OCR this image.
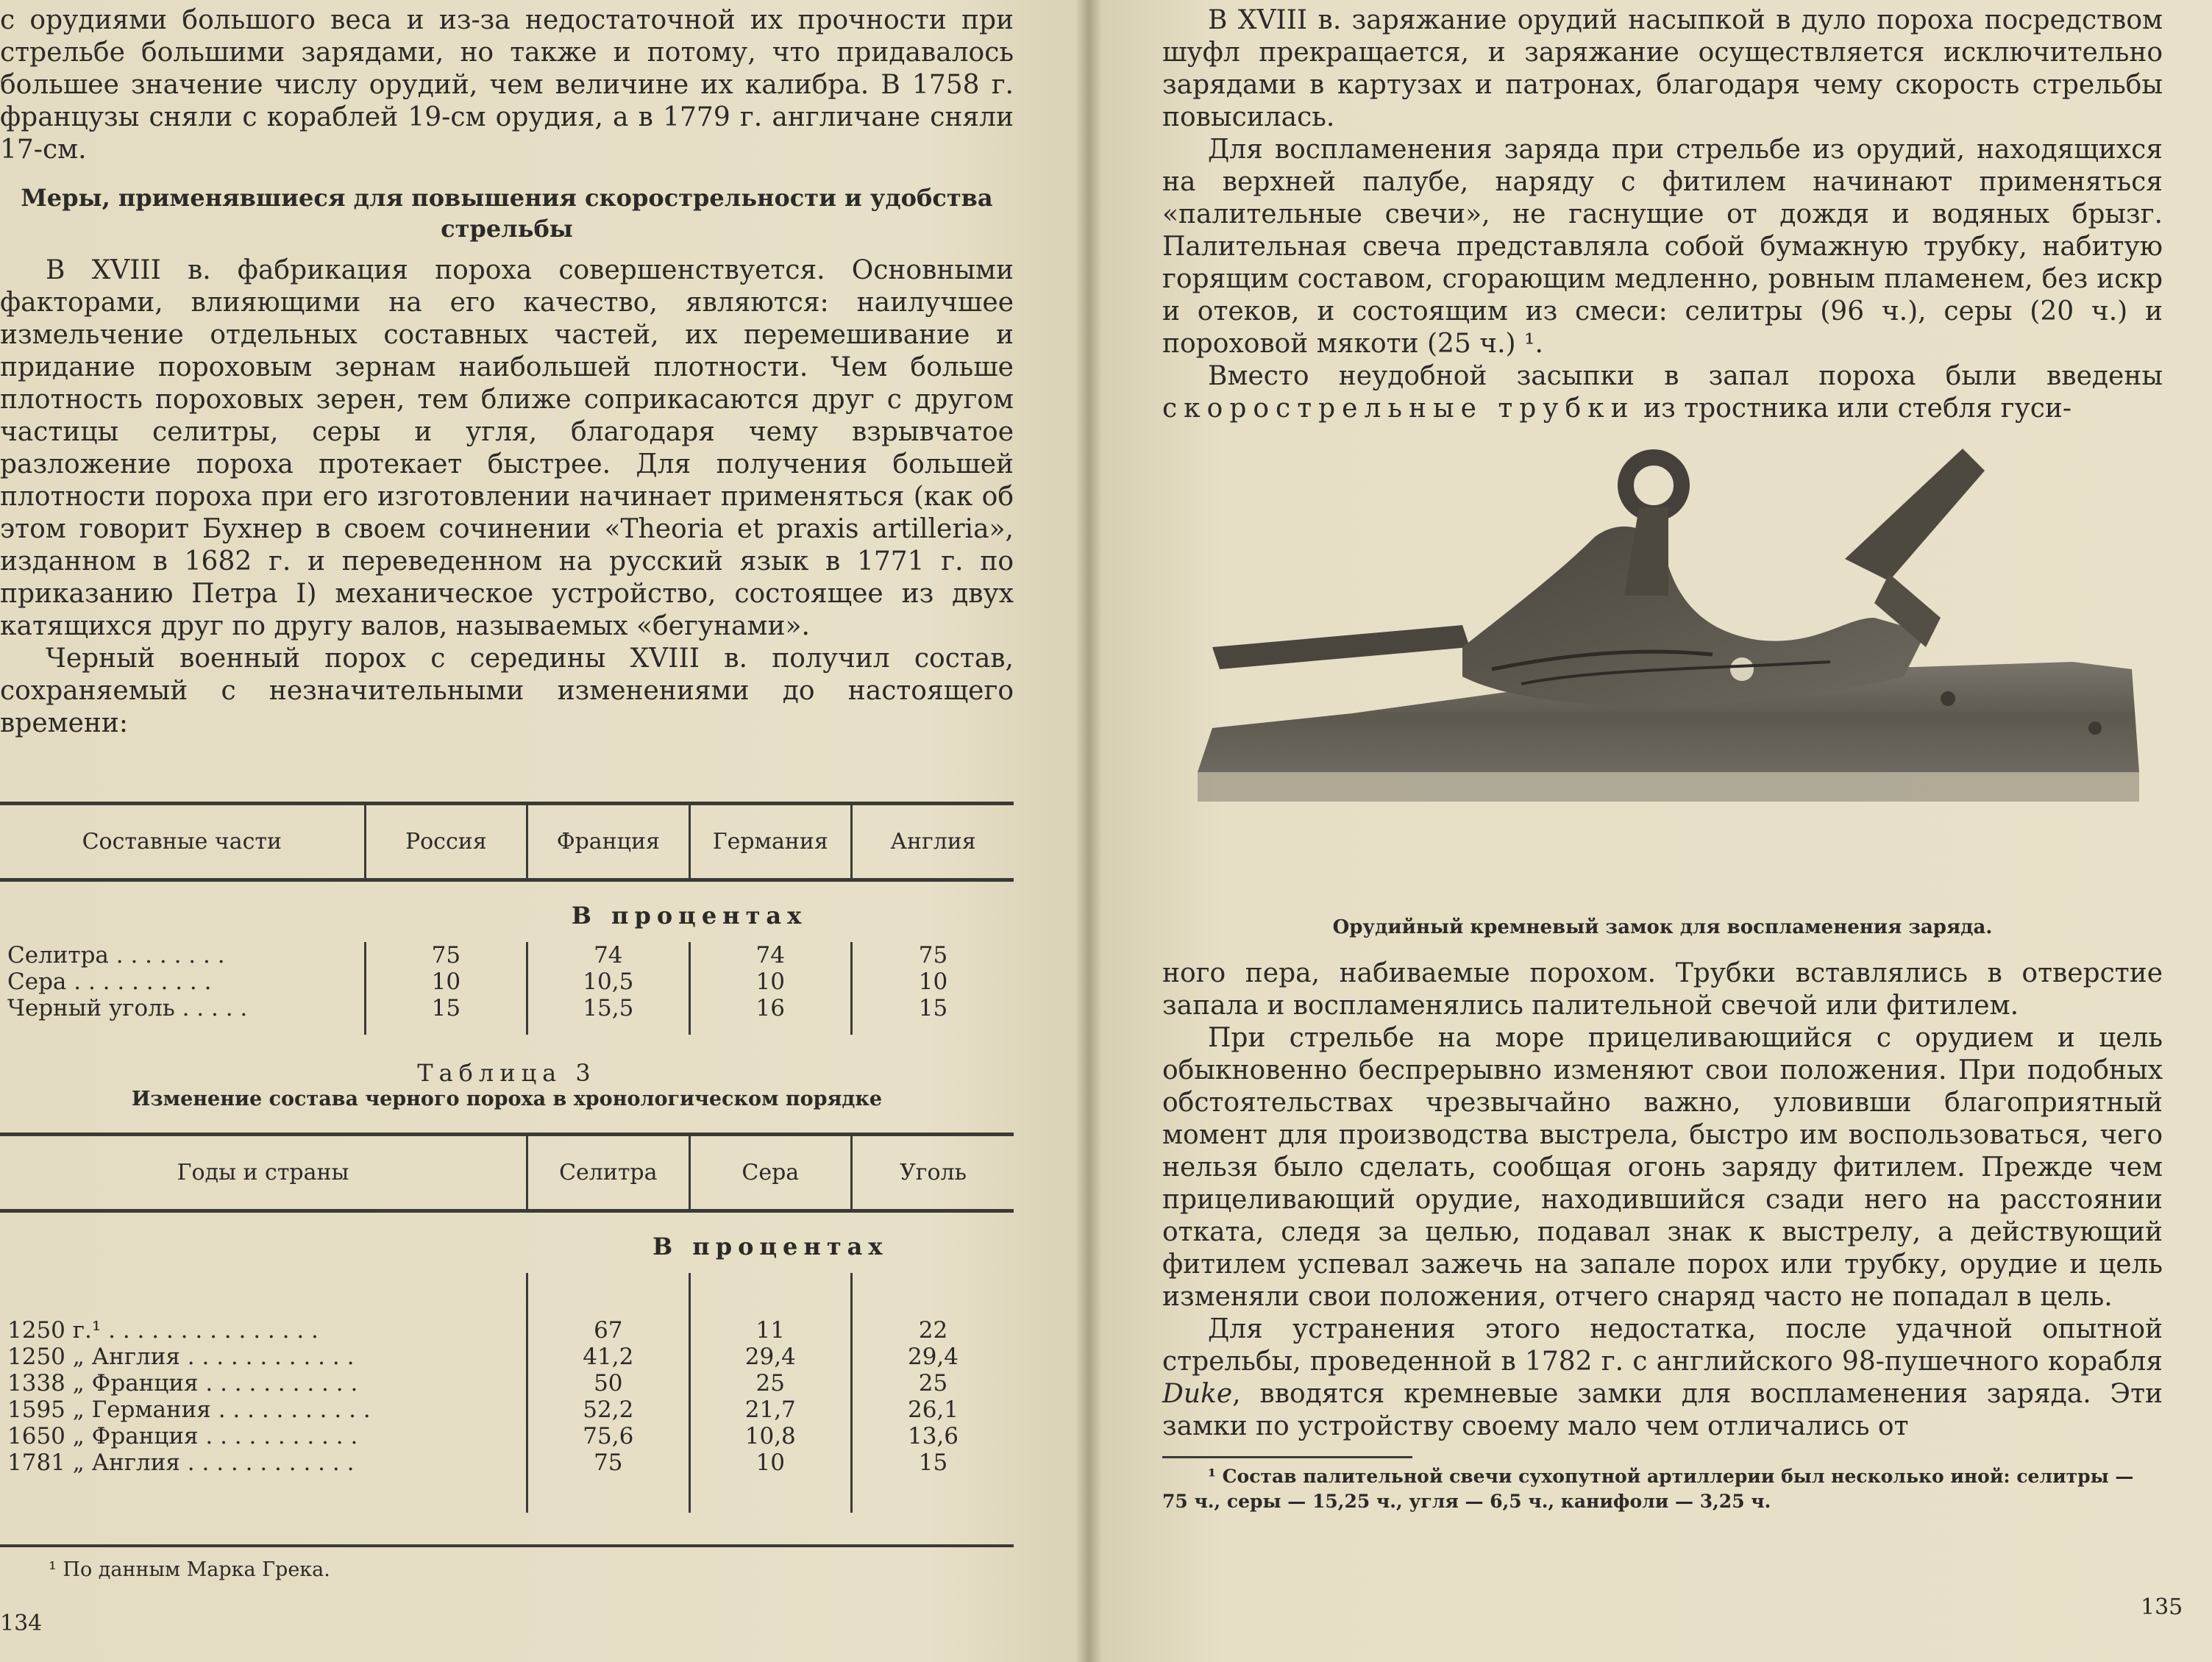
с орудиями большого веса и из-за недостаточной их прочности при стрельбе большими зарядами, но также и потому, что придавалось большее значение числу орудий, чем величине их калибра. В 1758 г. французы сняли с кораблей 19-см орудия, а в 1779 г. англичане сняли 17-см.

Меры, применявшиеся для повышения скорострельности и удобства стрельбы

В XVIII в. фабрикация пороха совершенствуется. Основными факторами, влияющими на его качество, являются: наилучшее измельчение отдельных составных частей, их перемешивание и придание пороховым зернам наибольшей плотности. Чем больше плотность пороховых зерен, тем ближе соприкасаются друг с другом частицы селитры, серы и угля, благодаря чему взрывчатое разложение пороха протекает быстрее. Для получения большей плотности пороха при его изготовлении начинает применяться (как об этом говорит Бухнер в своем сочинении «Theoria et praxis artilleria», изданном в 1682 г. и переведенном на русский язык в 1771 г. по приказанию Петра I) механическое устройство, состоящее из двух катящихся друг по другу валов, называемых «бегунами».

Черный военный порох с середины XVIII в. получил состав, сохраняемый с незначительными изменениями до настоящего времени:

Составные части	Россия	Франция	Германия	Англия
	В процентах			
Селитра . . . . . . . .	75	74	74	75
Сера . . . . . . . . . .	10	10,5	10	10
Черный уголь . . . . .	15	15,5	16	15

Таблица 3
Изменение состава черного пороха в хронологическом порядке
Годы и страны	Селитра	Сера	Уголь
	В процентах		

1250 г.¹ . . . . . . . . . . . . . . .	67	11	22
1250 „ Англия . . . . . . . . . . . .	41,2	29,4	29,4
1338 „ Франция . . . . . . . . . . .	50	25	25
1595 „ Германия . . . . . . . . . . .	52,2	21,7	26,1
1650 „ Франция . . . . . . . . . . .	75,6	10,8	13,6
1781 „ Англия . . . . . . . . . . . .	75	10	15

¹ По данным Марка Грека.
134

В XVIII в. заряжание орудий насыпкой в дуло пороха посредством шуфл прекращается, и заряжание осуществляется исключительно зарядами в картузах и патронах, благодаря чему скорость стрельбы повысилась.

Для воспламенения заряда при стрельбе из орудий, находящихся на верхней палубе, наряду с фитилем начинают применяться «палительные свечи», не гаснущие от дождя и водяных брызг. Палительная свеча представляла собой бумажную трубку, набитую горящим составом, сгорающим медленно, ровным пламенем, без искр и отеков, и состоящим из смеси: селитры (96 ч.), серы (20 ч.) и пороховой мякоти (25 ч.) ¹.

Вместо неудобной засыпки в запал пороха были введены скорострельные трубки из тростника или стебля гуси-

Орудийный кремневый замок для воспламенения заряда.

ного пера, набиваемые порохом. Трубки вставлялись в отверстие запала и воспламенялись палительной свечой или фитилем.

При стрельбе на море прицеливающийся с орудием и цель обыкновенно беспрерывно изменяют свои положения. При подобных обстоятельствах чрезвычайно важно, уловивши благоприятный момент для производства выстрела, быстро им воспользоваться, чего нельзя было сделать, сообщая огонь заряду фитилем. Прежде чем прицеливающий орудие, находившийся сзади него на расстоянии отката, следя за целью, подавал знак к выстрелу, а действующий фитилем успевал зажечь на запале порох или трубку, орудие и цель изменяли свои положения, отчего снаряд часто не попадал в цель.

Для устранения этого недостатка, после удачной опытной стрельбы, проведенной в 1782 г. с английского 98-пушечного корабля Duke, вводятся кремневые замки для воспламенения заряда. Эти замки по устройству своему мало чем отличались от

¹ Состав палительной свечи сухопутной артиллерии был несколько иной: селитры — 75 ч., серы — 15,25 ч., угля — 6,5 ч., канифоли — 3,25 ч.
135
